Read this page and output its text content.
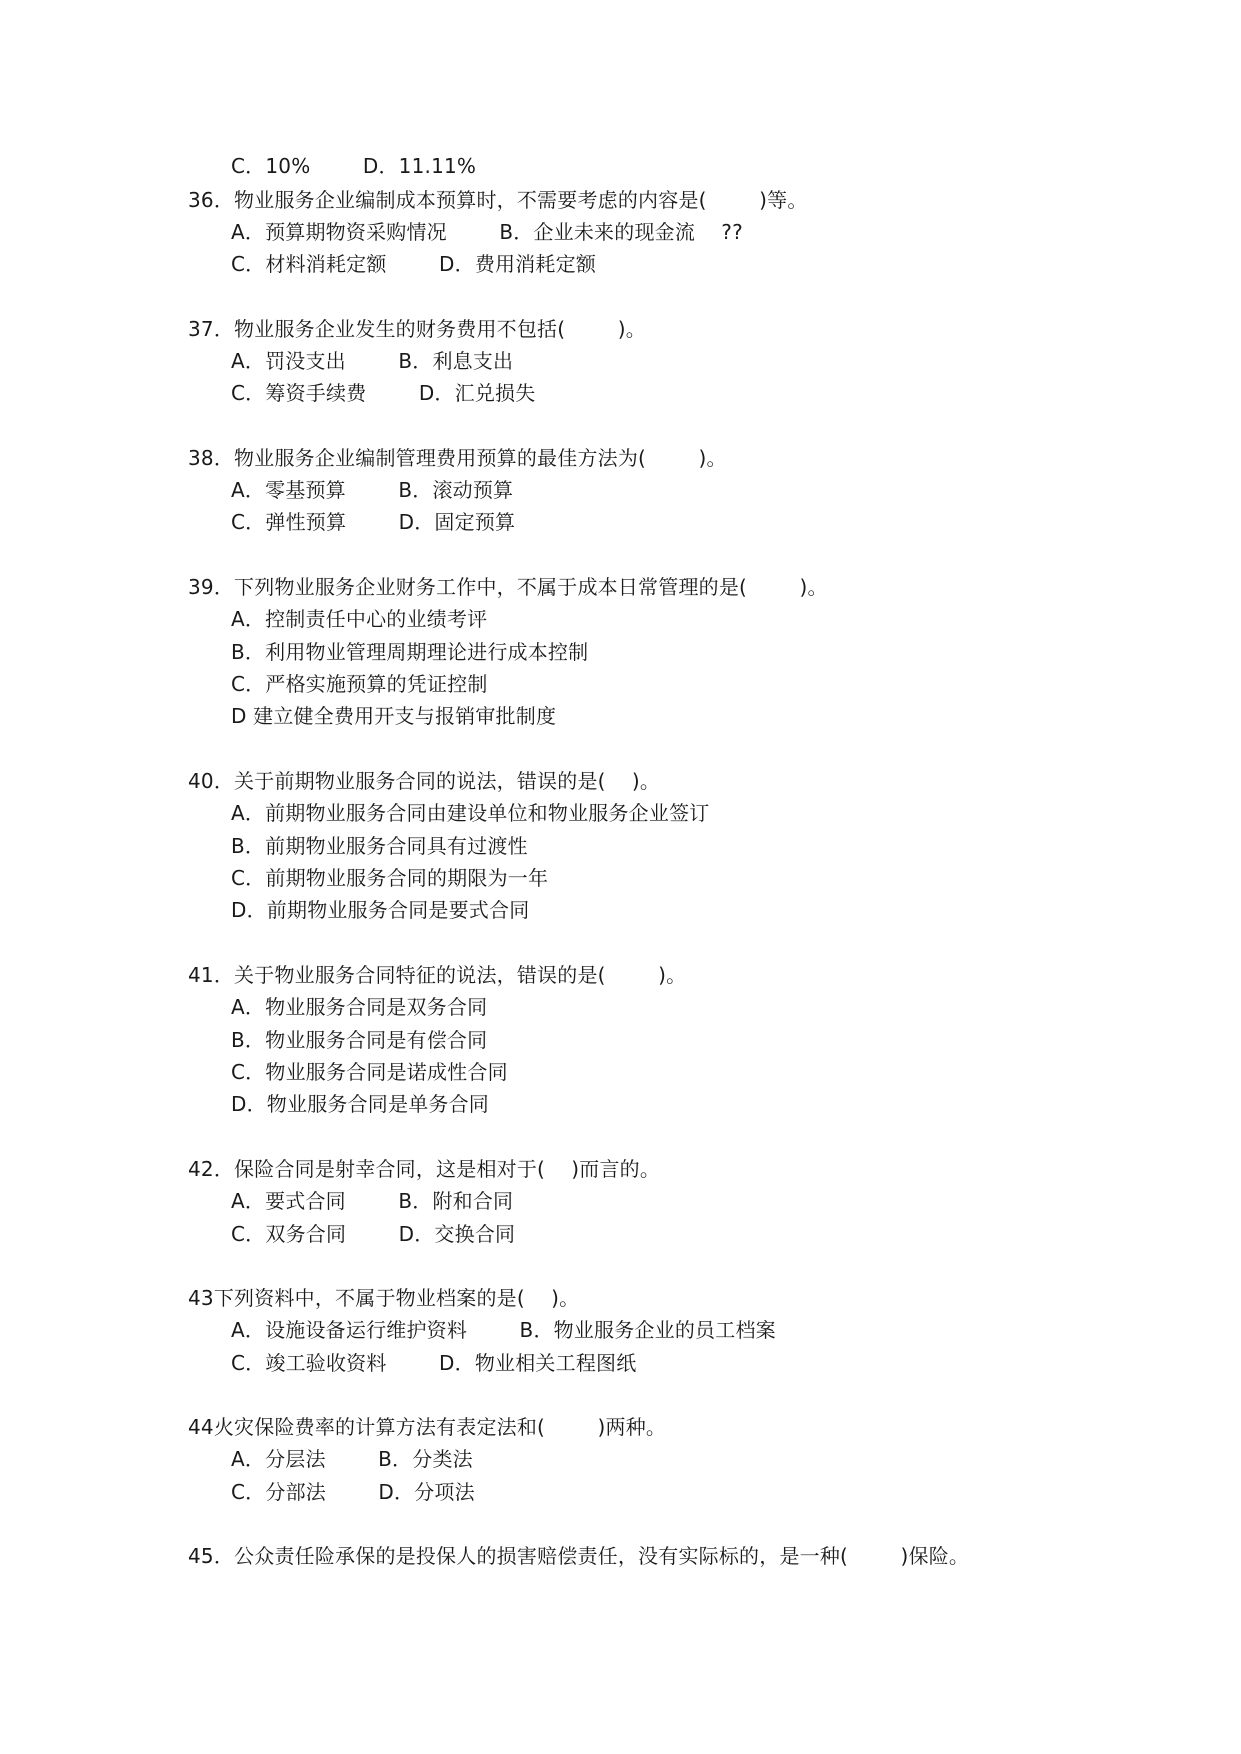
C．10%        D．11.11%
36．物业服务企业编制成本预算时，不需要考虑的内容是(        )等。
A．预算期物资采购情况        B．企业未来的现金流    ??
C．材料消耗定额        D．费用消耗定额
37．物业服务企业发生的财务费用不包括(        )。
A．罚没支出        B．利息支出
C．筹资手续费        D．汇兑损失
38．物业服务企业编制管理费用预算的最佳方法为(        )。
A．零基预算        B．滚动预算
C．弹性预算        D．固定预算
39．下列物业服务企业财务工作中，不属于成本日常管理的是(        )。
A．控制责任中心的业绩考评
B．利用物业管理周期理论进行成本控制
C．严格实施预算的凭证控制
D 建立健全费用开支与报销审批制度
40．关于前期物业服务合同的说法，错误的是(    )。
A．前期物业服务合同由建设单位和物业服务企业签订
B．前期物业服务合同具有过渡性
C．前期物业服务合同的期限为一年
D．前期物业服务合同是要式合同
41．关于物业服务合同特征的说法，错误的是(        )。
A．物业服务合同是双务合同
B．物业服务合同是有偿合同
C．物业服务合同是诺成性合同
D．物业服务合同是单务合同
42．保险合同是射幸合同，这是相对于(    )而言的。
A．要式合同        B．附和合同
C．双务合同        D．交换合同
43下列资料中，不属于物业档案的是(    )。
A．设施设备运行维护资料        B．物业服务企业的员工档案
C．竣工验收资料        D．物业相关工程图纸
44火灾保险费率的计算方法有表定法和(        )两种。
A．分层法        B．分类法
C．分部法        D．分项法
45．公众责任险承保的是投保人的损害赔偿责任，没有实际标的，是一种(        )保险。
